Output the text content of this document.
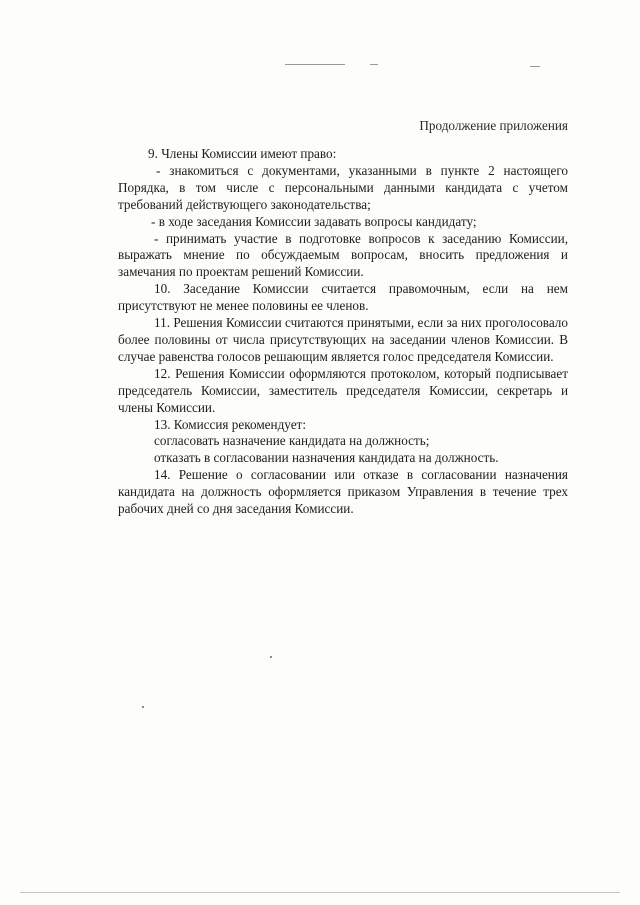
Продолжение приложения

9. Члены Комиссии имеют право:

- знакомиться с документами, указанными в пункте 2 настоящего Порядка, в том числе с персональными данными кандидата с учетом требований действующего законодательства;

- в ходе заседания Комиссии задавать вопросы кандидату;

- принимать участие в подготовке вопросов к заседанию Комиссии, выражать мнение по обсуждаемым вопросам, вносить предложения и замечания по проектам решений Комиссии.

10. Заседание Комиссии считается правомочным, если на нем присутствуют не менее половины ее членов.

11. Решения Комиссии считаются принятыми, если за них проголосовало более половины от числа присутствующих на заседании членов Комиссии. В случае равенства голосов решающим является голос председателя Комиссии.

12. Решения Комиссии оформляются протоколом, который подписывает председатель Комиссии, заместитель председателя Комиссии, секретарь и члены Комиссии.

13. Комиссия рекомендует:

согласовать назначение кандидата на должность;

отказать в согласовании назначения кандидата на должность.

14. Решение о согласовании или отказе в согласовании назначения кандидата на должность оформляется приказом Управления в течение трех рабочих дней со дня заседания Комиссии.
